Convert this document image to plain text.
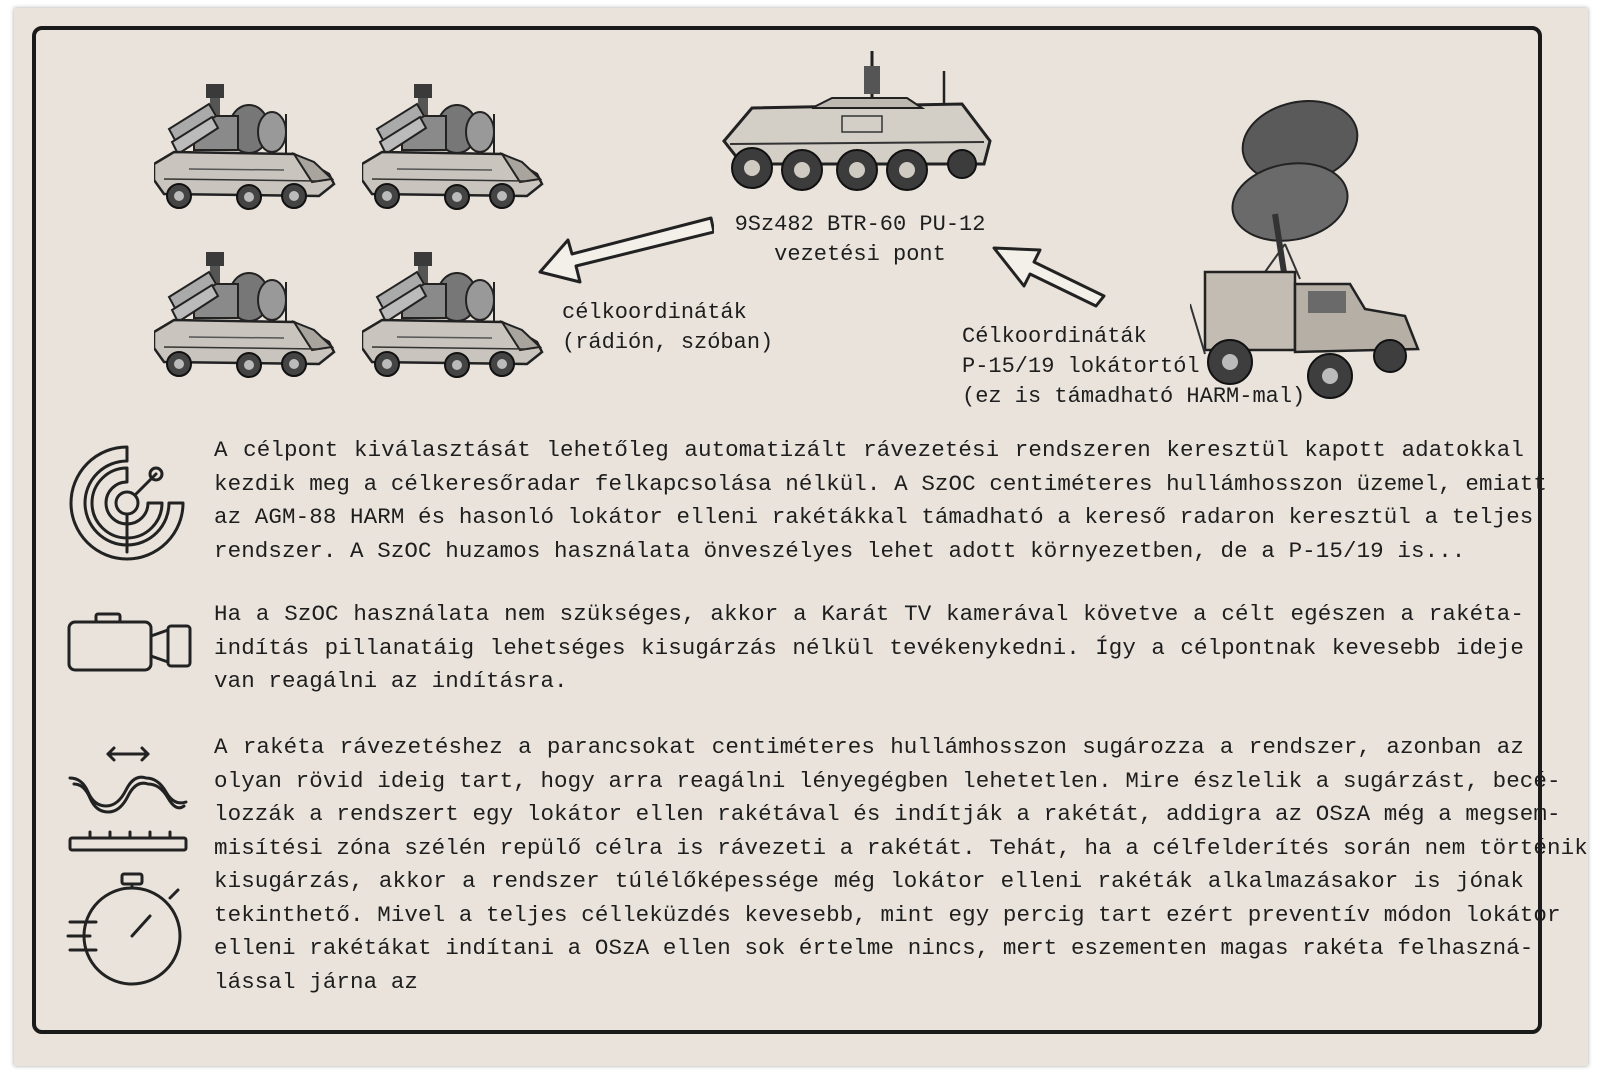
9Sz482 BTR-60 PU-12
vezetési pont
célkoordináták
(rádión, szóban)	Célkoordináták
P-15/19 lokátortól
(ez is támadható HARM-mal)
A célpont kiválasztását lehetőleg automatizált rávezetési rendszeren keresztül kapott adatokkal
kezdik meg a célkeresőradar felkapcsolása nélkül. A SzOC centiméteres hullámhosszon üzemel, emiatt
az AGM-88 HARM és hasonló lokátor elleni rakétákkal támadható a kereső radaron keresztül a teljes
rendszer. A SzOC huzamos használata önveszélyes lehet adott környezetben, de a P-15/19 is...
Ha a SzOC használata nem szükséges, akkor a Karát TV kamerával követve a célt egészen a rakéta-
indítás pillanatáig lehetséges kisugárzás nélkül tevékenykedni. Így a célpontnak kevesebb ideje
van reagálni az indításra.
A rakéta rávezetéshez a parancsokat centiméteres hullámhosszon sugározza a rendszer, azonban az
olyan rövid ideig tart, hogy arra reagálni lényegégben lehetetlen. Mire észlelik a sugárzást, becé-
lozzák a rendszert egy lokátor ellen rakétával és indítják a rakétát, addigra az OSzA még a megsem-
misítési zóna szélén repülő célra is rávezeti a rakétát. Tehát, ha a célfelderítés során nem történik
kisugárzás, akkor a rendszer túlélőképessége még lokátor elleni rakéták alkalmazásakor is jónak
tekinthető. Mivel a teljes célleküzdés kevesebb, mint egy percig tart ezért preventív módon lokátor
elleni rakétákat indítani a OSzA ellen sok értelme nincs, mert eszementen magas rakéta felhaszná-
lással járna az
